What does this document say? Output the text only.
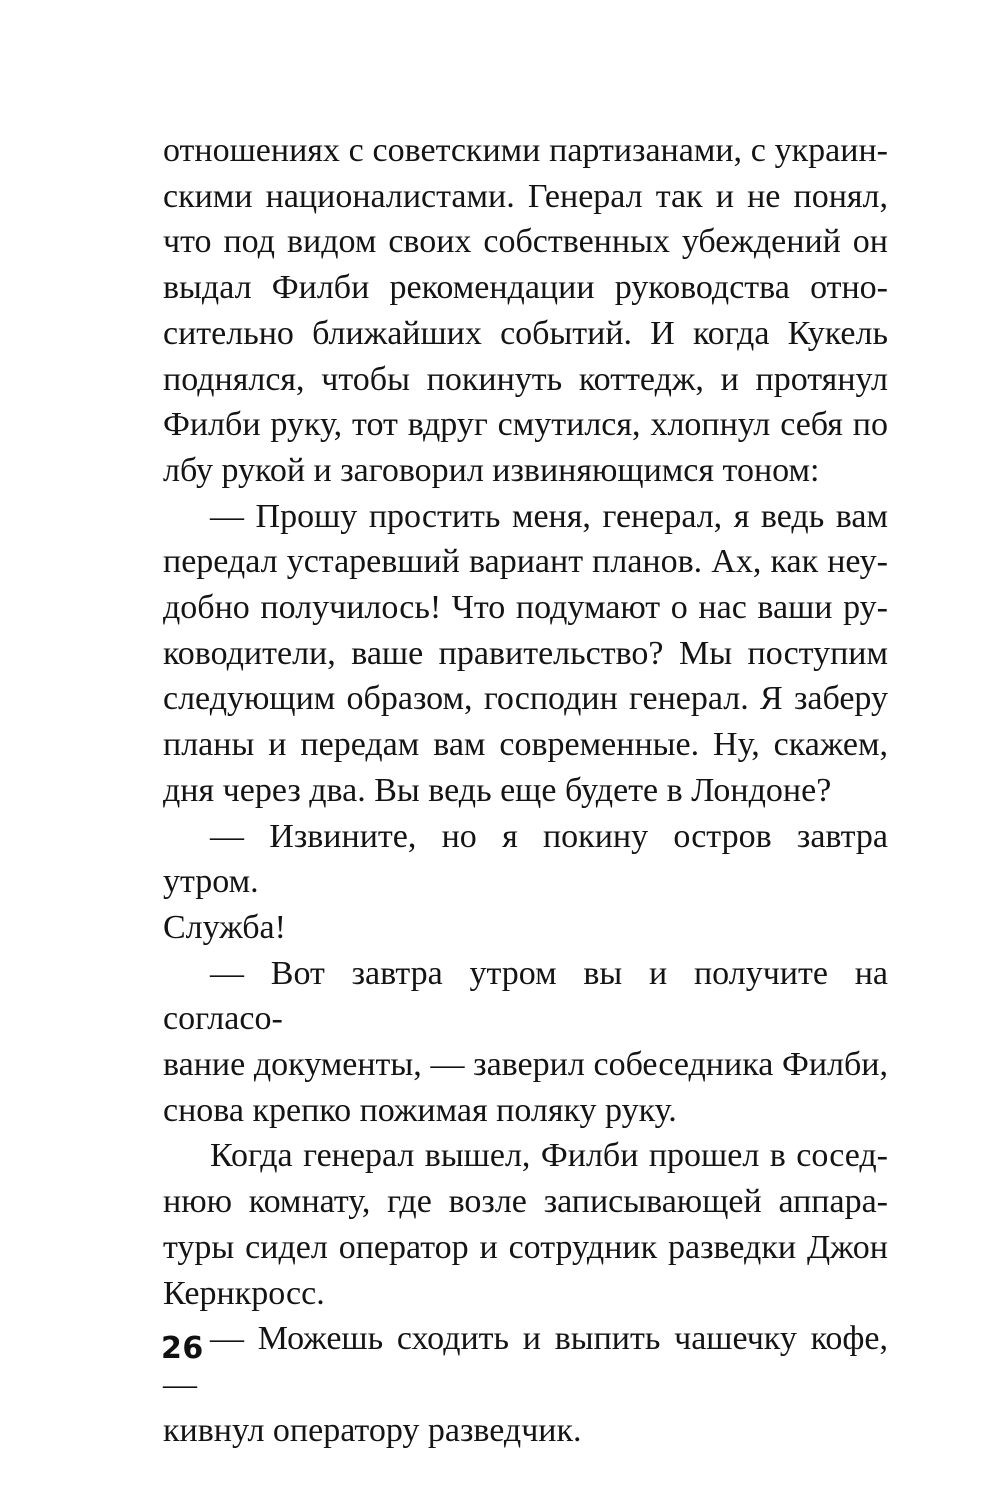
отношениях с советскими партизанами, с украин-
скими националистами. Генерал так и не понял,
что под видом своих собственных убеждений он
выдал Филби рекомендации руководства отно-
сительно ближайших событий. И когда Кукель
поднялся, чтобы покинуть коттедж, и протянул
Филби руку, тот вдруг смутился, хлопнул себя по
лбу рукой и заговорил извиняющимся тоном:
— Прошу простить меня, генерал, я ведь вам
передал устаревший вариант планов. Ах, как неу-
добно получилось! Что подумают о нас ваши ру-
ководители, ваше правительство? Мы поступим
следующим образом, господин генерал. Я заберу
планы и передам вам современные. Ну, скажем,
дня через два. Вы ведь еще будете в Лондоне?
— Извините, но я покину остров завтра утром.
Служба!
— Вот завтра утром вы и получите на согласо-
вание документы, — заверил собеседника Филби,
снова крепко пожимая поляку руку.
Когда генерал вышел, Филби прошел в сосед-
нюю комнату, где возле записывающей аппара-
туры сидел оператор и сотрудник разведки Джон
Кернкросс.
— Можешь сходить и выпить чашечку кофе, —
кивнул оператору разведчик.
26
